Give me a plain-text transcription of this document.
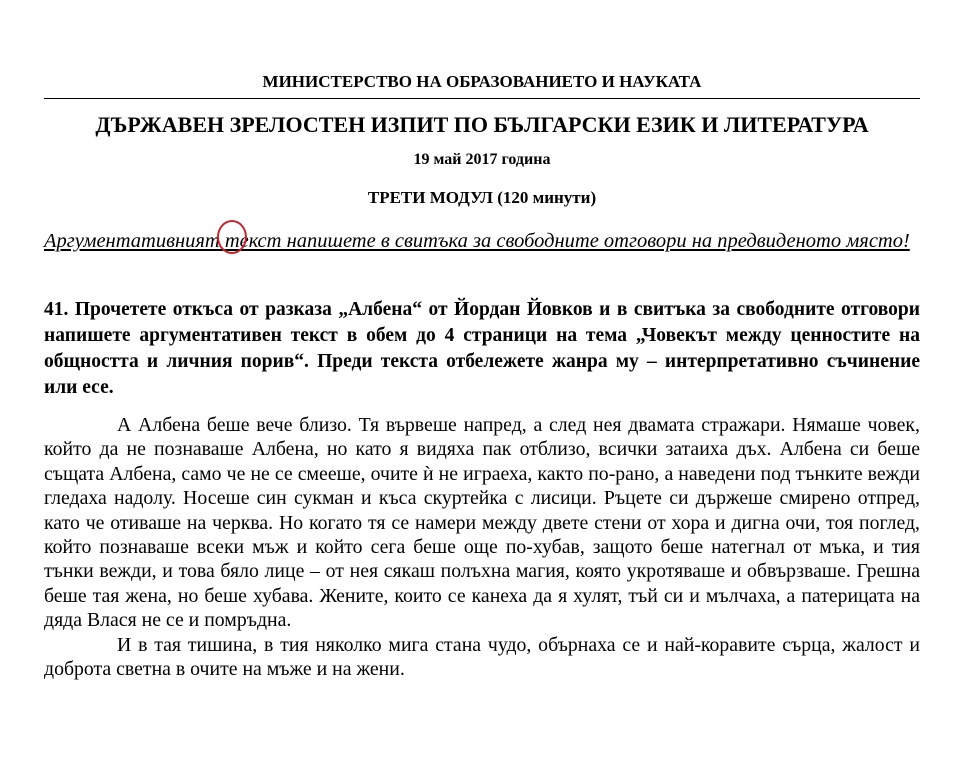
МИНИСТЕРСТВО НА ОБРАЗОВАНИЕТО И НАУКАТА
ДЪРЖАВЕН ЗРЕЛОСТЕН ИЗПИТ ПО БЪЛГАРСКИ ЕЗИК И ЛИТЕРАТУРА
19 май 2017 година
ТРЕТИ МОДУЛ (120 минути)
Аргументативният текст напишете в свитъка за свободните отговори на предвиденото място!
41. Прочетете откъса от разказа „Албена“ от Йордан Йовков и в свитъка за свободните отговори напишете аргументативен текст в обем до 4 страници на тема „Човекът между ценностите на общността и личния порив“. Преди текста отбележете жанра му – интерпретативно съчинение или есе.

А Албена беше вече близо. Тя вървеше напред, а след нея двамата стражари. Нямаше човек, който да не познаваше Албена, но като я видяха пак отблизо, всички затаиха дъх. Албена си беше същата Албена, само че не се смееше, очите ѝ не играеха, както по-рано, а наведени под тънките вежди гледаха надолу. Носеше син сукман и къса скуртейка с лисици. Ръцете си държеше смирено отпред, като че отиваше на черква. Но когато тя се намери между двете стени от хора и дигна очи, тоя поглед, който познаваше всеки мъж и който сега беше още по-хубав, защото беше натегнал от мъка, и тия тънки вежди, и това бяло лице – от нея сякаш полъхна магия, която укротяваше и обвързваше. Грешна беше тая жена, но беше хубава. Жените, които се канеха да я хулят, тъй си и мълчаха, а патерицата на дяда Влася не се и помръдна.

И в тая тишина, в тия няколко мига стана чудо, обърнаха се и най-коравите сърца, жалост и доброта светна в очите на мъже и на жени.
